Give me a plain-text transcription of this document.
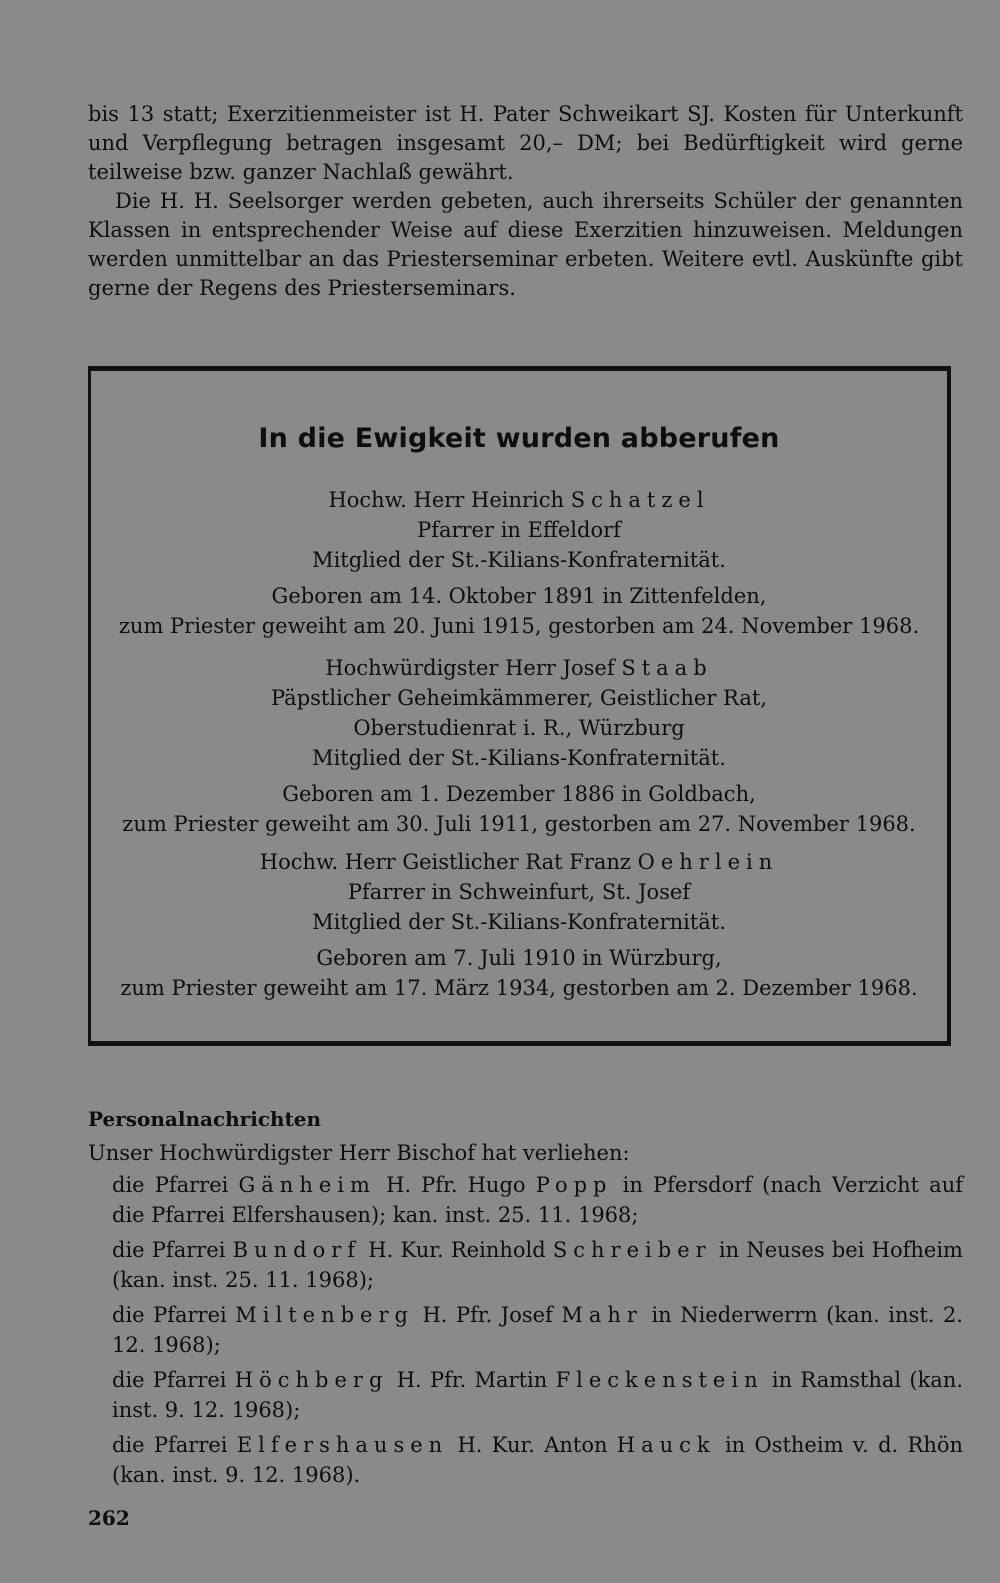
bis 13 statt; Exerzitienmeister ist H. Pater Schweikart SJ. Kosten für Unterkunft und Verpflegung betragen insgesamt 20,– DM; bei Bedürftigkeit wird gerne teilweise bzw. ganzer Nachlaß gewährt.

Die H. H. Seelsorger werden gebeten, auch ihrerseits Schüler der genannten Klassen in entsprechender Weise auf diese Exerzitien hinzuweisen. Meldungen werden unmittelbar an das Priesterseminar erbeten. Weitere evtl. Auskünfte gibt gerne der Regens des Priesterseminars.

In die Ewigkeit wurden abberufen
Hochw. Herr Heinrich Schatzel
Pfarrer in Effeldorf
Mitglied der St.-Kilians-Konfraternität.
Geboren am 14. Oktober 1891 in Zittenfelden,
zum Priester geweiht am 20. Juni 1915, gestorben am 24. November 1968.
Hochwürdigster Herr Josef Staab
Päpstlicher Geheimkämmerer, Geistlicher Rat,
Oberstudienrat i. R., Würzburg
Mitglied der St.-Kilians-Konfraternität.
Geboren am 1. Dezember 1886 in Goldbach,
zum Priester geweiht am 30. Juli 1911, gestorben am 27. November 1968.
Hochw. Herr Geistlicher Rat Franz Oehrlein
Pfarrer in Schweinfurt, St. Josef
Mitglied der St.-Kilians-Konfraternität.
Geboren am 7. Juli 1910 in Würzburg,
zum Priester geweiht am 17. März 1934, gestorben am 2. Dezember 1968.

Personalnachrichten

Unser Hochwürdigster Herr Bischof hat verliehen:

die Pfarrei Gänheim H. Pfr. Hugo Popp in Pfersdorf (nach Verzicht auf die Pfarrei Elfershausen); kan. inst. 25. 11. 1968;
die Pfarrei Bundorf H. Kur. Reinhold Schreiber in Neuses bei Hofheim (kan. inst. 25. 11. 1968);
die Pfarrei Miltenberg H. Pfr. Josef Mahr in Niederwerrn (kan. inst. 2. 12. 1968);
die Pfarrei Höchberg H. Pfr. Martin Fleckenstein in Ramsthal (kan. inst. 9. 12. 1968);
die Pfarrei Elfershausen H. Kur. Anton Hauck in Ostheim v. d. Rhön (kan. inst. 9. 12. 1968).
262
